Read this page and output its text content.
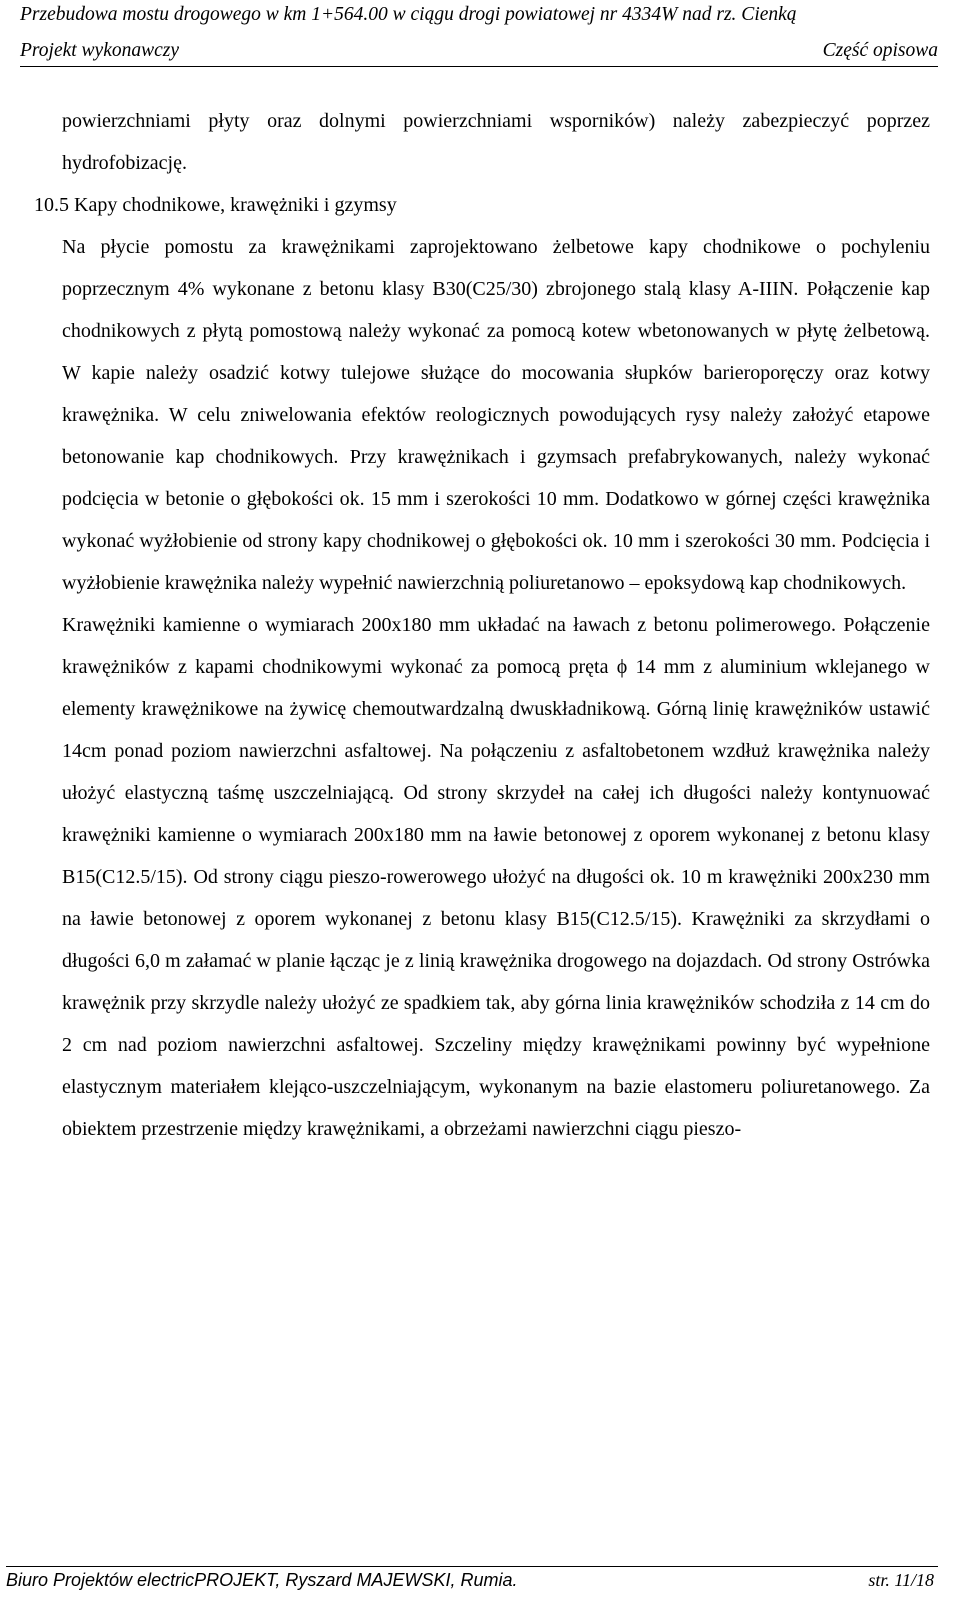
Przebudowa mostu drogowego w km 1+564.00 w ciągu drogi powiatowej nr 4334W nad rz. Cienką
Projekt wykonawczy	Część opisowa

powierzchniami płyty oraz dolnymi powierzchniami wsporników) należy zabezpieczyć poprzez hydrofobizację.

10.5 Kapy chodnikowe, krawężniki i gzymsy

Na płycie pomostu za krawężnikami zaprojektowano żelbetowe kapy chodnikowe o pochyleniu poprzecznym 4% wykonane z betonu klasy B30(C25/30) zbrojonego stalą klasy A-IIIN. Połączenie kap chodnikowych z płytą pomostową należy wykonać za pomocą kotew wbetonowanych w płytę żelbetową. W kapie należy osadzić kotwy tulejowe służące do mocowania słupków barieroporęczy oraz kotwy krawężnika. W celu zniwelowania efektów reologicznych powodujących rysy należy założyć etapowe betonowanie kap chodnikowych. Przy krawężnikach i gzymsach prefabrykowanych, należy wykonać podcięcia w betonie o głębokości ok. 15 mm i szerokości 10 mm. Dodatkowo w górnej części krawężnika wykonać wyżłobienie od strony kapy chodnikowej o głębokości ok. 10 mm i szerokości 30 mm. Podcięcia i wyżłobienie krawężnika należy wypełnić nawierzchnią poliuretanowo – epoksydową kap chodnikowych.

Krawężniki kamienne o wymiarach 200x180 mm układać na ławach z betonu polimerowego. Połączenie krawężników z kapami chodnikowymi wykonać za pomocą pręta ϕ 14 mm z aluminium wklejanego w elementy krawężnikowe na żywicę chemoutwardzalną dwuskładnikową. Górną linię krawężników ustawić 14cm ponad poziom nawierzchni asfaltowej. Na połączeniu z asfaltobetonem wzdłuż krawężnika należy ułożyć elastyczną taśmę uszczelniającą. Od strony skrzydeł na całej ich długości należy kontynuować krawężniki kamienne o wymiarach 200x180 mm na ławie betonowej z oporem wykonanej z betonu klasy B15(C12.5/15). Od strony ciągu pieszo-rowerowego ułożyć na długości ok. 10 m krawężniki 200x230 mm na ławie betonowej z oporem wykonanej z betonu klasy B15(C12.5/15). Krawężniki za skrzydłami o długości 6,0 m załamać w planie łącząc je z linią krawężnika drogowego na dojazdach. Od strony Ostrówka krawężnik przy skrzydle należy ułożyć ze spadkiem tak, aby górna linia krawężników schodziła z 14 cm do 2 cm nad poziom nawierzchni asfaltowej. Szczeliny między krawężnikami powinny być wypełnione elastycznym materiałem klejąco-uszczelniającym, wykonanym na bazie elastomeru poliuretanowego. Za obiektem przestrzenie między krawężnikami, a obrzeżami nawierzchni ciągu pieszo-

Biuro Projektów electricPROJEKT, Ryszard MAJEWSKI, Rumia.	str. 11/18
